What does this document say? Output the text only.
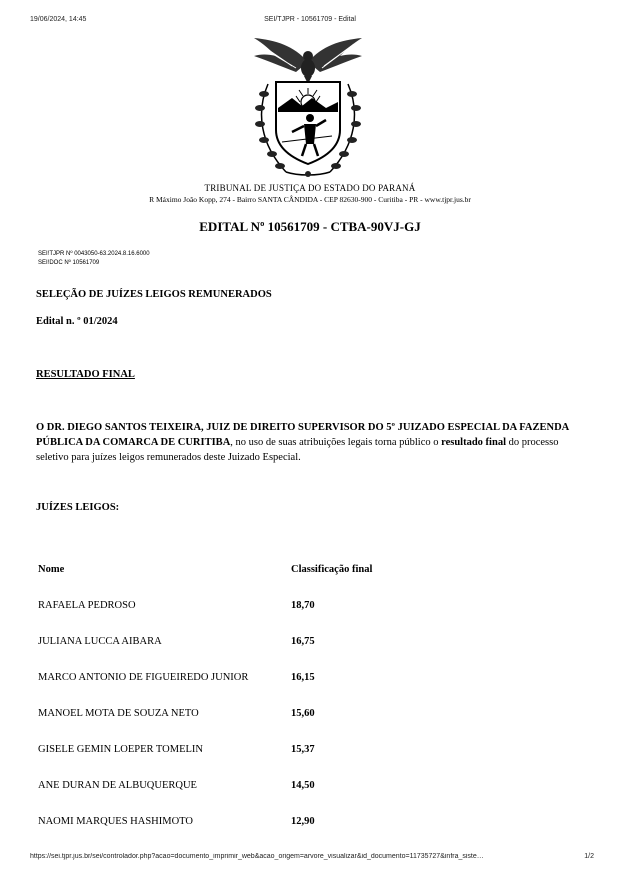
19/06/2024, 14:45	SEI/TJPR - 10561709 - Edital
TRIBUNAL DE JUSTIÇA DO ESTADO DO PARANÁ
R Máximo João Kopp, 274 - Bairro SANTA CÂNDIDA - CEP 82630-900 - Curitiba - PR - www.tjpr.jus.br
EDITAL Nº 10561709 - CTBA-90VJ-GJ
SEI!TJPR Nº 0043050-63.2024.8.16.6000
SEI!DOC Nº 10561709
SELEÇÃO DE JUÍZES LEIGOS REMUNERADOS
Edital n. º 01/2024
RESULTADO FINAL
O DR. DIEGO SANTOS TEIXEIRA, JUIZ DE DIREITO SUPERVISOR DO 5º JUIZADO ESPECIAL DA FAZENDA PÚBLICA DA COMARCA DE CURITIBA, no uso de suas atribuições legais torna público o resultado final do processo seletivo para juízes leigos remunerados deste Juizado Especial.
JUÍZES LEIGOS:
Nome	Classificação final
RAFAELA PEDROSO	18,70
JULIANA LUCCA AIBARA	16,75
MARCO ANTONIO DE FIGUEIREDO JUNIOR	16,15
MANOEL MOTA DE SOUZA NETO	15,60
GISELE GEMIN LOEPER TOMELIN	15,37
ANE DURAN DE ALBUQUERQUE	14,50
NAOMI MARQUES HASHIMOTO	12,90
https://sei.tjpr.jus.br/sei/controlador.php?acao=documento_imprimir_web&acao_origem=arvore_visualizar&id_documento=11735727&infra_siste…	1/2
